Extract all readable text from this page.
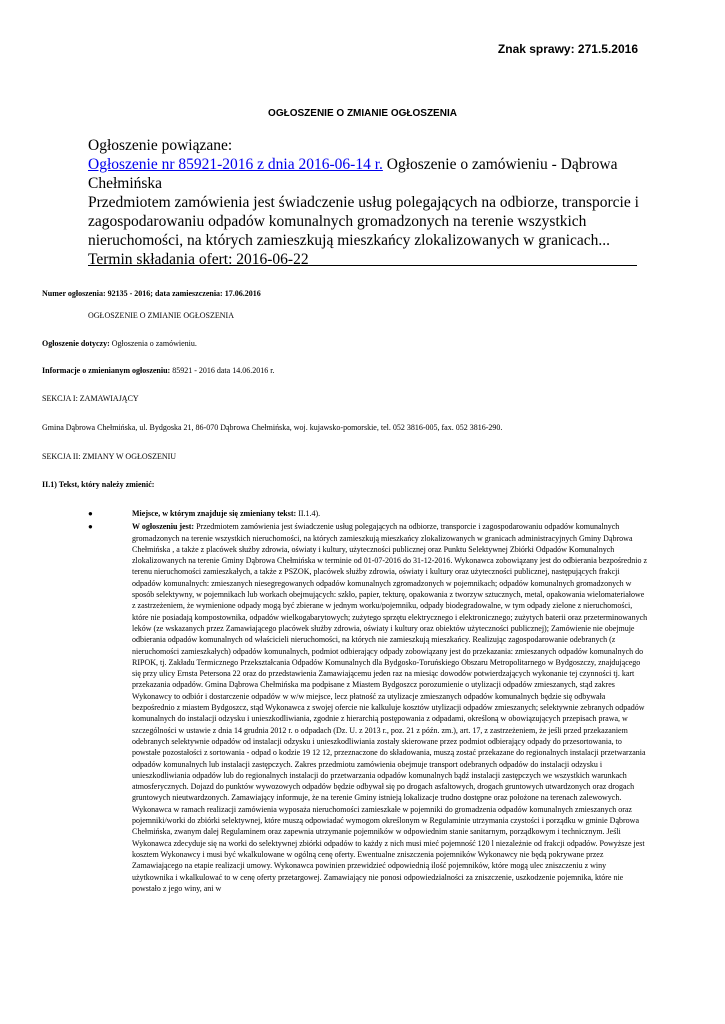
Znak sprawy: 271.5.2016
OGŁOSZENIE O ZMIANIE OGŁOSZENIA
Ogłoszenie powiązane:
Ogłoszenie nr 85921-2016 z dnia 2016-06-14 r. Ogłoszenie o zamówieniu - Dąbrowa Chełmińska
Przedmiotem zamówienia jest świadczenie usług polegających na odbiorze, transporcie i zagospodarowaniu odpadów komunalnych gromadzonych na terenie wszystkich nieruchomości, na których zamieszkują mieszkańcy zlokalizowanych w granicach...
Termin składania ofert: 2016-06-22
Numer ogłoszenia: 92135 - 2016; data zamieszczenia: 17.06.2016
OGŁOSZENIE O ZMIANIE OGŁOSZENIA
Ogłoszenie dotyczy: Ogłoszenia o zamówieniu.
Informacje o zmienianym ogłoszeniu: 85921 - 2016 data 14.06.2016 r.
SEKCJA I: ZAMAWIAJĄCY
Gmina Dąbrowa Chełmińska, ul. Bydgoska 21, 86-070 Dąbrowa Chełmińska, woj. kujawsko-pomorskie, tel. 052 3816-005, fax. 052 3816-290.
SEKCJA II: ZMIANY W OGŁOSZENIU
II.1) Tekst, który należy zmienić:
●	Miejsce, w którym znajduje się zmieniany tekst: II.1.4).
●	W ogłoszeniu jest: Przedmiotem zamówienia jest świadczenie usług polegających na odbiorze, transporcie i zagospodarowaniu odpadów komunalnych gromadzonych na terenie wszystkich nieruchomości, na których zamieszkują mieszkańcy zlokalizowanych w granicach administracyjnych Gminy Dąbrowa Chełmińska , a także z placówek służby zdrowia, oświaty i kultury, użyteczności publicznej oraz Punktu Selektywnej Zbiórki Odpadów Komunalnych zlokalizowanych na terenie Gminy Dąbrowa Chełmińska w terminie od 01-07-2016 do 31-12-2016. Wykonawca zobowiązany jest do odbierania bezpośrednio z terenu nieruchomości zamieszkałych, a także z PSZOK, placówek służby zdrowia, oświaty i kultury oraz użyteczności publicznej, następujących frakcji odpadów komunalnych: zmieszanych niesegregowanych odpadów komunalnych zgromadzonych w pojemnikach; odpadów komunalnych gromadzonych w sposób selektywny, w pojemnikach lub workach obejmujących: szkło, papier, tekturę, opakowania z tworzyw sztucznych, metal, opakowania wielomateriałowe z zastrzeżeniem, że wymienione odpady mogą być zbierane w jednym worku/pojemniku, odpady biodegradowalne, w tym odpady zielone z nieruchomości, które nie posiadają kompostownika, odpadów wielkogabarytowych; zużytego sprzętu elektrycznego i elektronicznego; zużytych baterii oraz przeterminowanych leków (ze wskazanych przez Zamawiającego placówek służby zdrowia, oświaty i kultury oraz obiektów użyteczności publicznej); Zamówienie nie obejmuje odbierania odpadów komunalnych od właścicieli nieruchomości, na których nie zamieszkują mieszkańcy. Realizując zagospodarowanie odebranych (z nieruchomości zamieszkałych) odpadów komunalnych, podmiot odbierający odpady zobowiązany jest do przekazania: zmieszanych odpadów komunalnych do RIPOK, tj. Zakładu Termicznego Przekształcania Odpadów Komunalnych dla Bydgosko-Toruńskiego Obszaru Metropolitarnego w Bydgoszczy, znajdującego się przy ulicy Ernsta Petersona 22 oraz do przedstawienia Zamawiającemu jeden raz na miesiąc dowodów potwierdzających wykonanie tej czynności tj. kart przekazania odpadów. Gmina Dąbrowa Chełmińska ma podpisane z Miastem Bydgoszcz porozumienie o utylizacji odpadów zmieszanych, stąd zakres Wykonawcy to odbiór i dostarczenie odpadów w w/w miejsce, lecz płatność za utylizacje zmieszanych odpadów komunalnych będzie się odbywała bezpośrednio z miastem Bydgoszcz, stąd Wykonawca z swojej ofercie nie kalkuluje kosztów utylizacji odpadów zmieszanych; selektywnie zebranych odpadów komunalnych do instalacji odzysku i unieszkodliwiania, zgodnie z hierarchią postępowania z odpadami, określoną w obowiązujących przepisach prawa, w szczególności w ustawie z dnia 14 grudnia 2012 r. o odpadach (Dz. U. z 2013 r., poz. 21 z późn. zm.), art. 17, z zastrzeżeniem, że jeśli przed przekazaniem odebranych selektywnie odpadów od instalacji odzysku i unieszkodliwiania zostały skierowane przez podmiot odbierający odpady do przesortowania, to powstałe pozostałości z sortowania - odpad o kodzie 19 12 12, przeznaczone do składowania, muszą zostać przekazane do regionalnych instalacji przetwarzania odpadów komunalnych lub instalacji zastępczych. Zakres przedmiotu zamówienia obejmuje transport odebranych odpadów do instalacji odzysku i unieszkodliwiania odpadów lub do regionalnych instalacji do przetwarzania odpadów komunalnych bądź instalacji zastępczych we wszystkich warunkach atmosferycznych. Dojazd do punktów wywozowych odpadów będzie odbywał się po drogach asfaltowych, drogach gruntowych utwardzonych oraz drogach gruntowych nieutwardzonych. Zamawiający informuje, że na terenie Gminy istnieją lokalizacje trudno dostępne oraz położone na terenach zalewowych. Wykonawca w ramach realizacji zamówienia wyposaża nieruchomości zamieszkałe w pojemniki do gromadzenia odpadów komunalnych zmieszanych oraz pojemniki/worki do zbiórki selektywnej, które muszą odpowiadać wymogom określonym w Regulaminie utrzymania czystości i porządku w gminie Dąbrowa Chełmińska, zwanym dalej Regulaminem oraz zapewnia utrzymanie pojemników w odpowiednim stanie sanitarnym, porządkowym i technicznym. Jeśli Wykonawca zdecyduje się na worki do selektywnej zbiórki odpadów to każdy z nich musi mieć pojemność 120 l niezależnie od frakcji odpadów. Powyższe jest kosztem Wykonawcy i musi być wkalkulowane w ogólną cenę oferty. Ewentualne zniszczenia pojemników Wykonawcy nie będą pokrywane przez Zamawiającego na etapie realizacji umowy. Wykonawca powinien przewidzieć odpowiednią ilość pojemników, które mogą ulec zniszczeniu z winy użytkownika i wkalkulować to w cenę oferty przetargowej. Zamawiający nie ponosi odpowiedzialności za zniszczenie, uszkodzenie pojemnika, które nie powstało z jego winy, ani w
